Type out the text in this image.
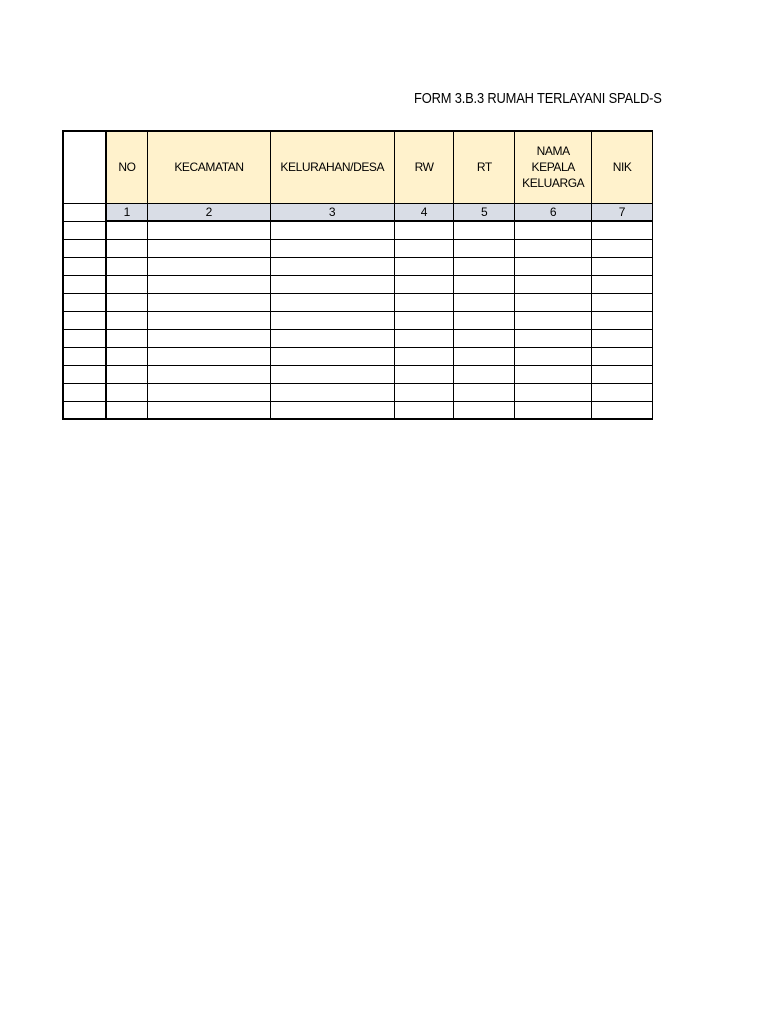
FORM 3.B.3 RUMAH TERLAYANI SPALD-S
	NO	KECAMATAN	KELURAHAN/DESA	RW	RT	NAMA KEPALA KELUARGA	NIK
	1	2	3	4	5	6	7
